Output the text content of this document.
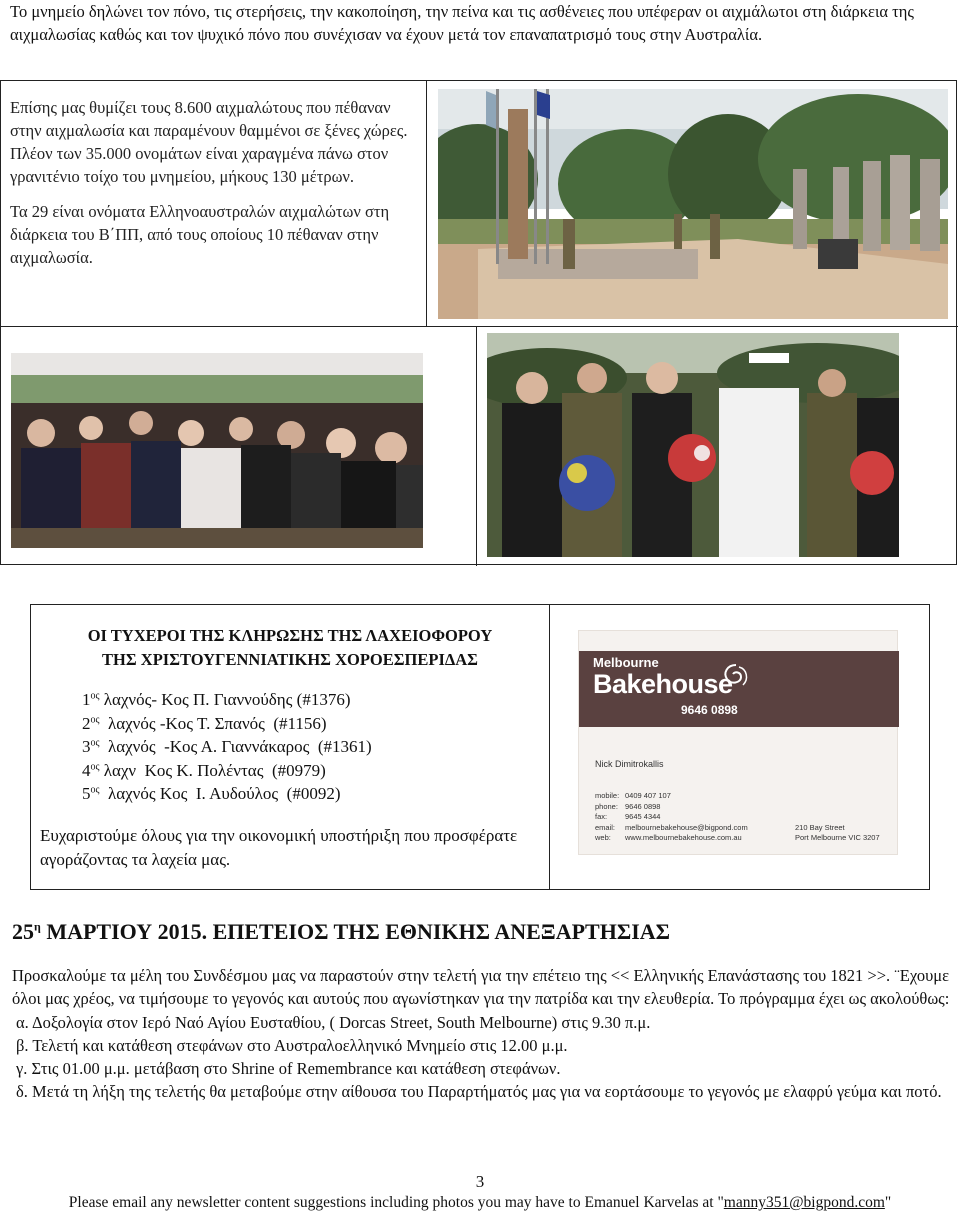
Το μνημείο δηλώνει τον πόνο, τις στερήσεις, την κακοποίηση, την πείνα και τις ασθένειες που υπέφεραν οι αιχμάλωτοι στη διάρκεια της αιχμαλωσίας καθώς και τον ψυχικό πόνο που συνέχισαν να έχουν μετά τον επαναπατρισμό τους στην Αυστραλία.

Επίσης μας θυμίζει τους 8.600 αιχμαλώτους που πέθαναν στην αιχμαλωσία και παραμένουν θαμμένοι σε ξένες χώρες. Πλέον των 35.000 ονομάτων είναι χαραγμένα πάνω στον γρανιτένιο τοίχο του μνημείου, μήκους 130 μέτρων.

Τα 29 είναι ονόματα Ελληνοαυστραλών αιχμαλώτων στη διάρκεια του Β΄ΠΠ, από τους οποίους 10 πέθαναν στην αιχμαλωσία.

ΟΙ ΤΥΧΕΡΟΙ ΤΗΣ ΚΛΗΡΩΣΗΣ ΤΗΣ ΛΑΧΕΙΟΦΟΡΟΥ
ΤΗΣ ΧΡΙΣΤΟΥΓΕΝΝΙΑΤΙΚΗΣ ΧΟΡΟΕΣΠΕΡΙΔΑΣ
$1^{o\varsigma}$ λαχνός- Κος Π. Γιαννούδης (#1376)
$2^{o\varsigma}$  λαχνός -Κος Τ. Σπανός  (#1156)
$3^{o\varsigma}$  λαχνός  -Κος Α. Γιαννάκαρος  (#1361)
$4^{o\varsigma}$ λαχν  Κος Κ. Πολέντας  (#0979)
$5^{o\varsigma}$  λαχνός Κος  Ι. Αυδούλος  (#0092)

Ευχαριστούμε όλους για την οικονομική υποστήριξη που προσφέρατε αγοράζοντας τα λαχεία μας.

Melbourne
Bakehouse
9646 0898
Nick Dimitrokallis
mobile: 0409 407 107
phone: 9646 0898
fax: 9645 4344
email: melbournebakehouse@bigpond.com
web: www.melbournebakehouse.com.au
210 Bay Street
Port Melbourne VIC 3207
$25^\eta$ ΜΑΡΤΙΟΥ 2015. ΕΠΕΤΕΙΟΣ ΤΗΣ ΕΘΝΙΚΗΣ ΑΝΕΞΑΡΤΗΣΙΑΣ

Προσκαλούμε τα μέλη του Συνδέσμου μας να παραστούν στην τελετή για την επέτειο της << Ελληνικής Επανάστασης του 1821 >>. ¨Εχουμε όλοι μας χρέος, να τιμήσουμε το γεγονός και αυτούς που αγωνίστηκαν για την πατρίδα και την ελευθερία. Το πρόγραμμα έχει ως ακολούθως:

α. Δοξολογία στον Ιερό Ναό Αγίου Ευσταθίου, ( Dorcas Street, South Melbourne) στις 9.30 π.μ.

β. Τελετή και κατάθεση στεφάνων στο Αυστραλοελληνικό Μνημείο στις 12.00 μ.μ.

γ. Στις 01.00 μ.μ. μετάβαση στο Shrine of Remembrance και κατάθεση στεφάνων.

δ. Μετά τη λήξη της τελετής θα μεταβούμε στην αίθουσα του Παραρτήματός μας για να εορτάσουμε το γεγονός με ελαφρύ γεύμα και ποτό.

3
Please email any newsletter content suggestions including photos you may have to Emanuel Karvelas at "manny351@bigpond.com"
